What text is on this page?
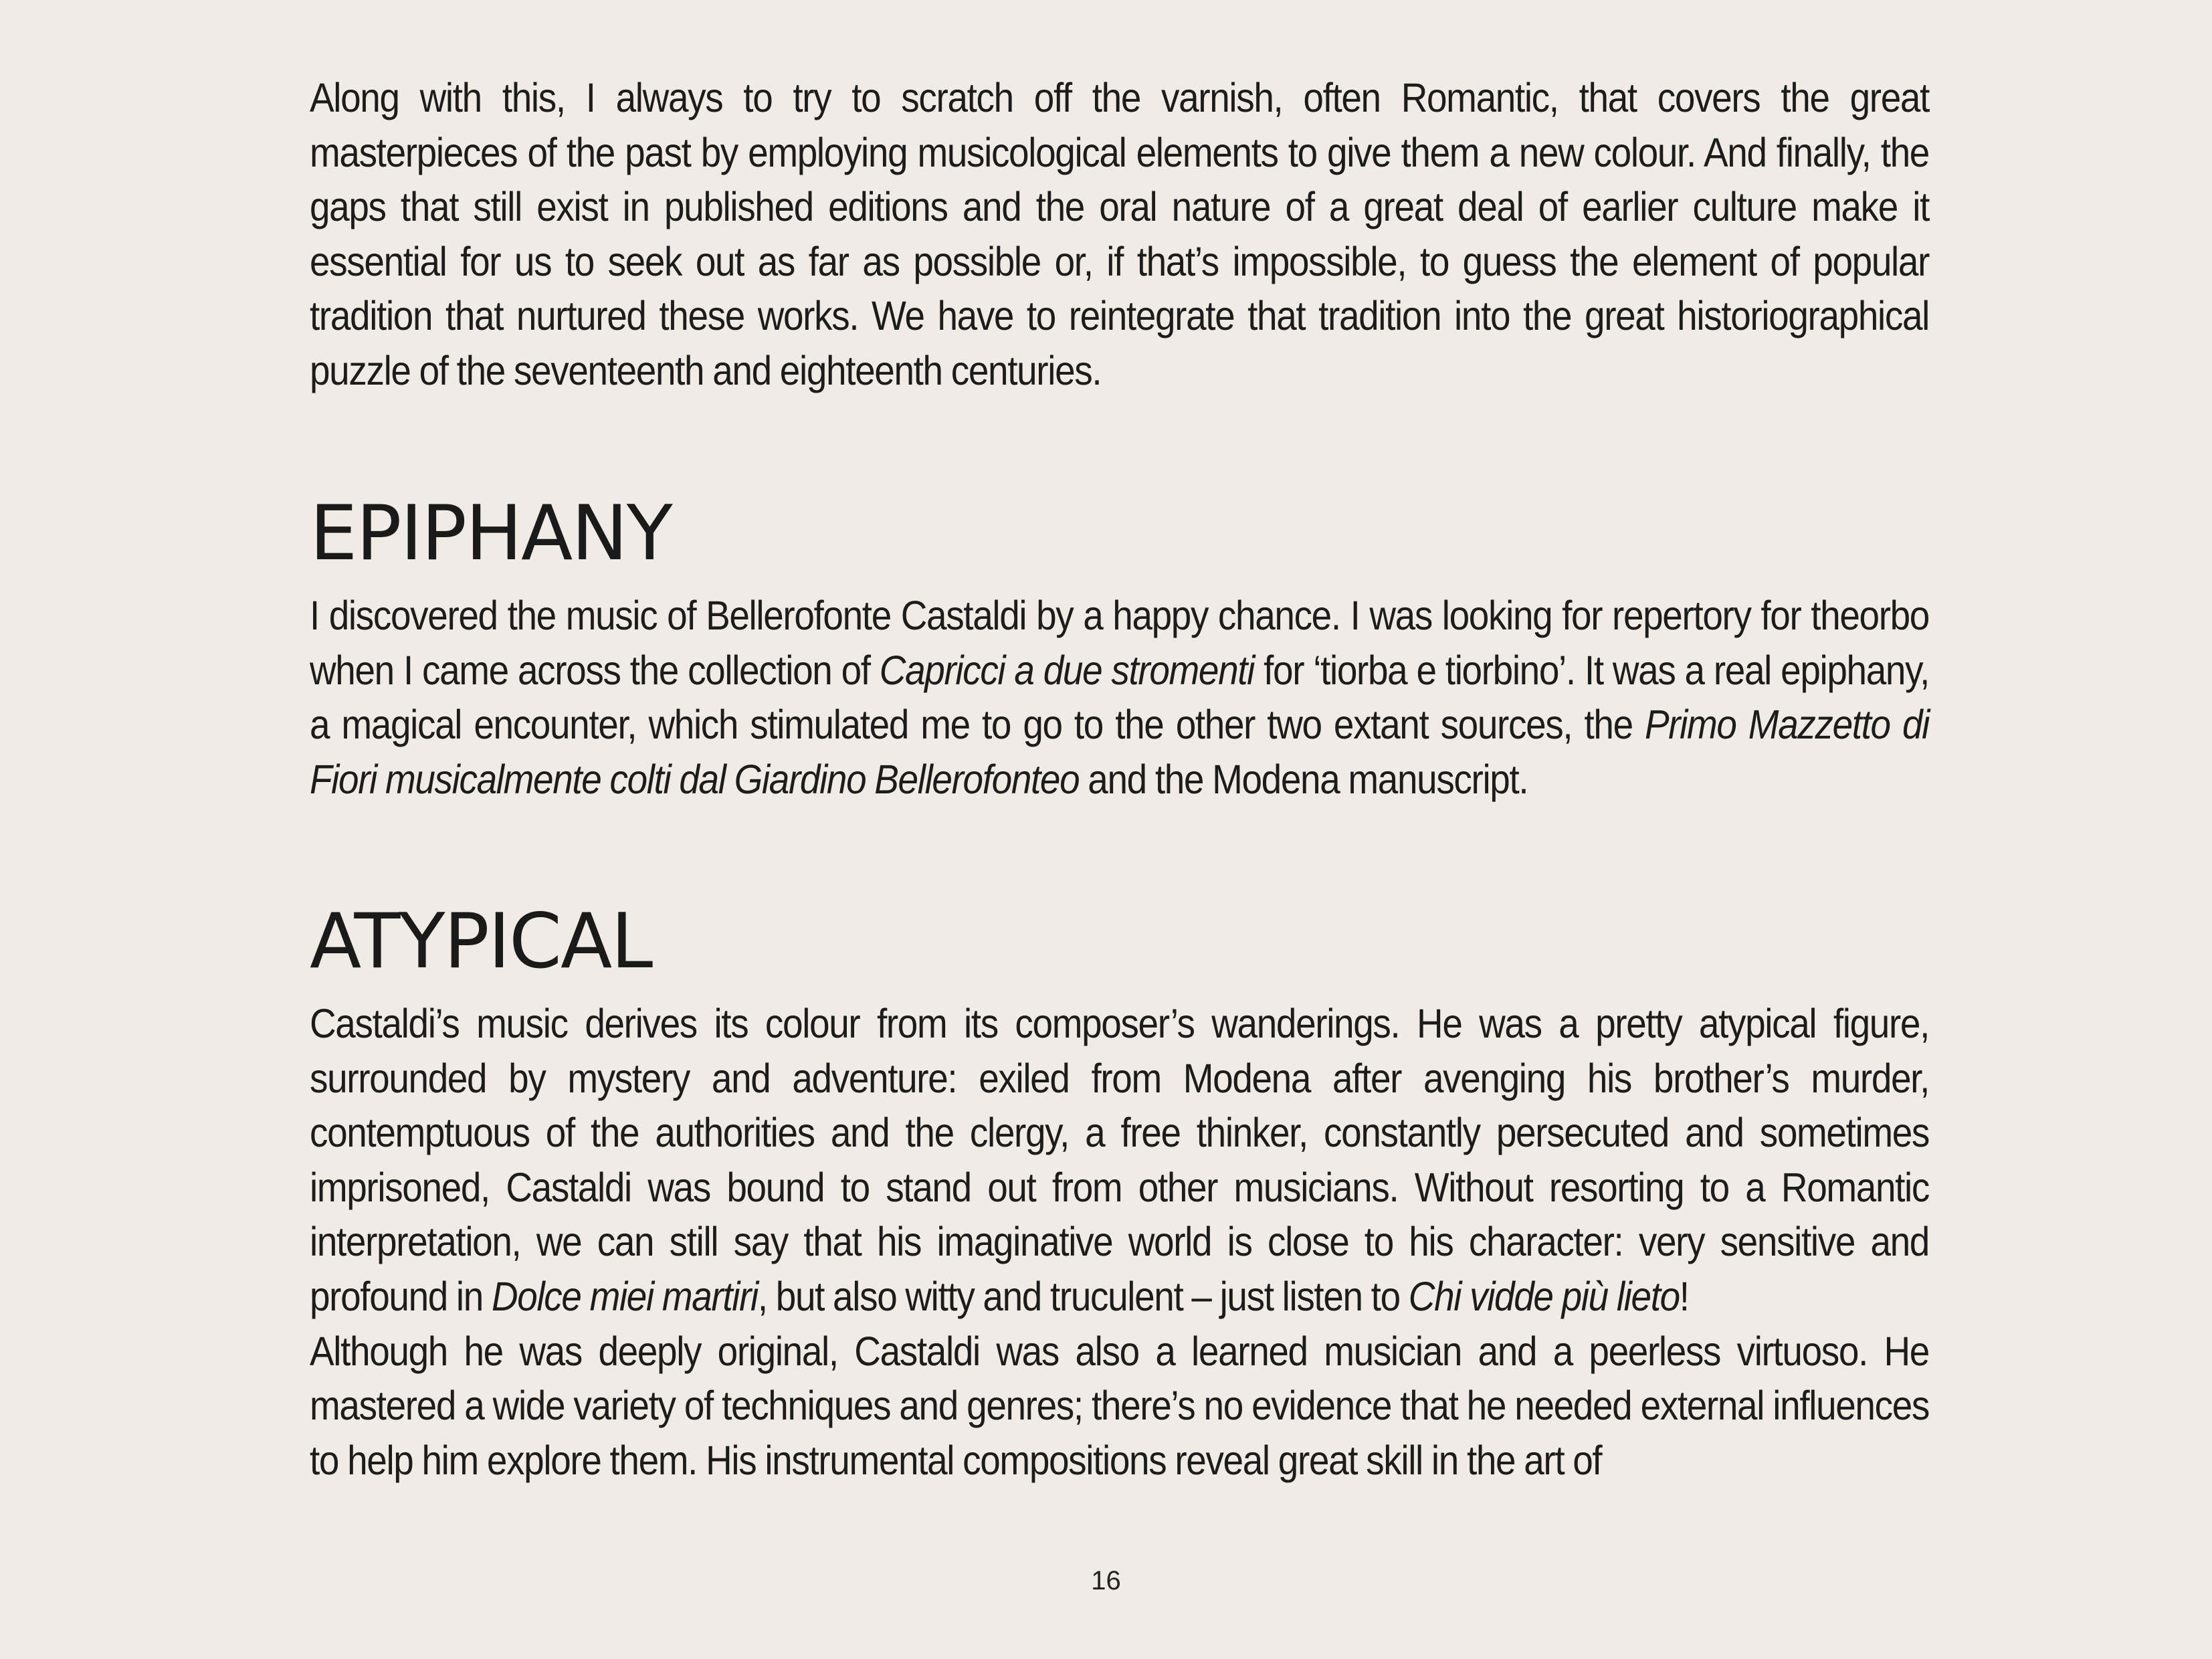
Along with this, I always to try to scratch off the varnish, often Romantic, that covers the great masterpieces of the past by employing musicological elements to give them a new colour. And finally, the gaps that still exist in published editions and the oral nature of a great deal of earlier culture make it essential for us to seek out as far as possible or, if that’s impossible, to guess the element of popular tradition that nurtured these works. We have to reintegrate that tradition into the great historiographical puzzle of the seventeenth and eighteenth centuries.

EPIPHANY

I discovered the music of Bellerofonte Castaldi by a happy chance. I was looking for repertory for theorbo when I came across the collection of Capricci a due stromenti for ‘tiorba e tiorbino’. It was a real epiphany, a magical encounter, which stimulated me to go to the other two extant sources, the Primo Mazzetto di Fiori musicalmente colti dal Giardino Bellerofonteo and the Modena manuscript.

ATYPICAL

Castaldi’s music derives its colour from its composer’s wanderings. He was a pretty atypical figure, surrounded by mystery and adventure: exiled from Modena after avenging his brother’s murder, contemptuous of the authorities and the clergy, a free thinker, constantly persecuted and sometimes imprisoned, Castaldi was bound to stand out from other musicians. Without resorting to a Romantic interpretation, we can still say that his imaginative world is close to his character: very sensitive and profound in Dolce miei martiri, but also witty and truculent – just listen to Chi vidde più lieto!

Although he was deeply original, Castaldi was also a learned musician and a peerless virtuoso. He mastered a wide variety of techniques and genres; there’s no evidence that he needed external influences to help him explore them. His instrumental compositions reveal great skill in the art of

16
